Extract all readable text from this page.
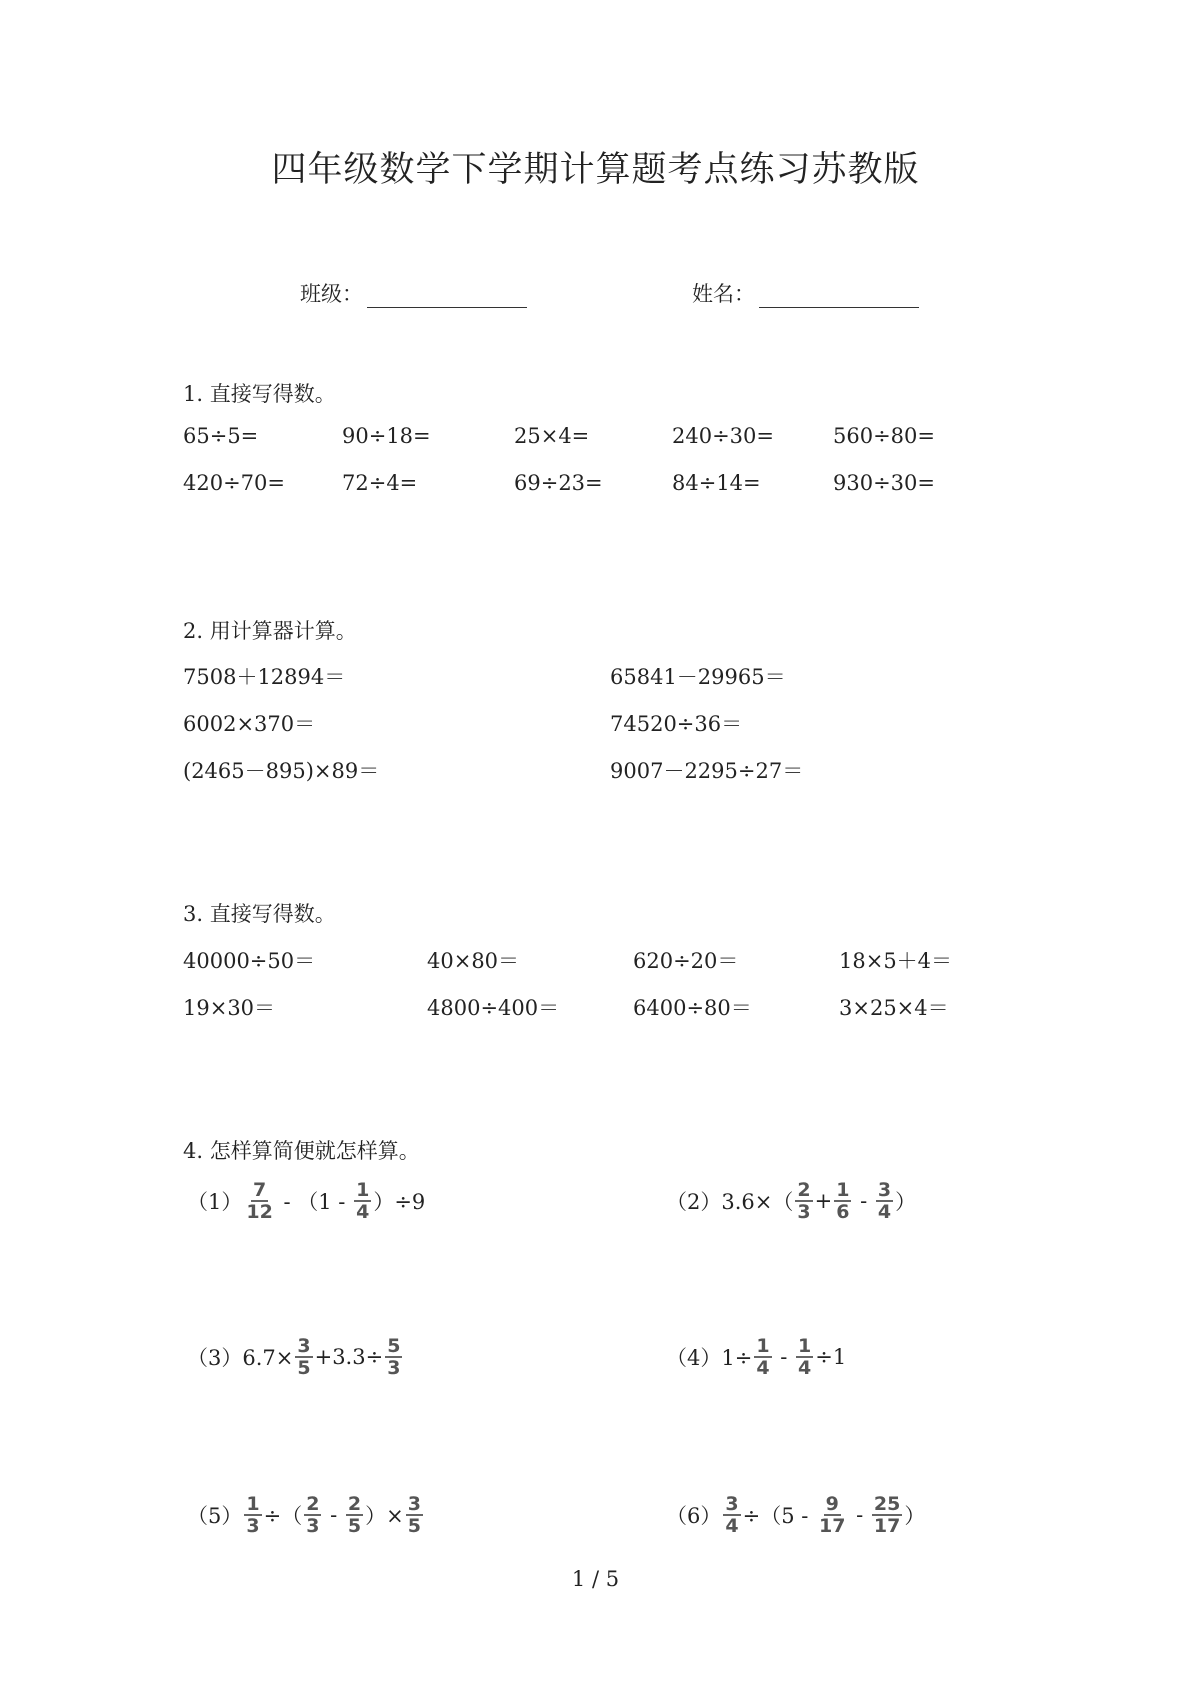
四年级数学下学期计算题考点练习苏教版
班级：	姓名：
1. 直接写得数。
65÷5=	90÷18=	25×4=	240÷30=	560÷80=
420÷70=	72÷4=	69÷23=	84÷14=	930÷30=
2. 用计算器计算。
7508＋12894＝	65841－29965＝
6002×370＝	74520÷36＝
(2465－895)×89＝	9007－2295÷27＝
3. 直接写得数。
40000÷50＝	40×80＝	620÷20＝	18×5＋4＝
19×30＝	4800÷400＝	6400÷80＝	3×25×4＝
4. 怎样算简便就怎样算。
$(1) \frac{7}{12} - (1 - \frac{1}{4} )\div 9$	$(2)3.6\times( \frac{2}{3} + \frac{1}{6} - \frac{3}{4}$ ）
$(3)6.7\times \frac{3}{5} +3.3\div \frac{5}{3}$	$(4)1\div \frac{1}{4} - \frac{1}{4} \div 1$
$(5) \frac{1}{3}$ ÷（ $\frac{2}{3} - \frac{2}{5}$ ）× $\frac{3}{5}$	$(6) \frac{3}{4} \div(5 - \frac{9}{17} - \frac{25}{17}$ ）
1 / 5
